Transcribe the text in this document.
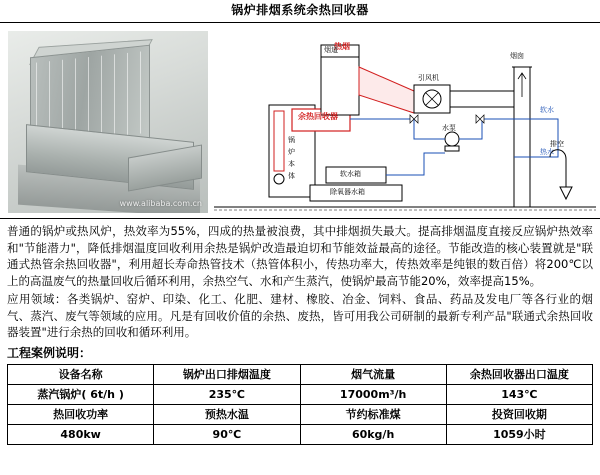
锅炉排烟系统余热回收器
www.alibaba.com.cn
热烟
余热回收器
烟道
锅
炉
本
体
引风机
烟囱
排空
水泵
软水箱
除氧器水箱
软水
热水

普通的锅炉或热风炉，热效率为55%，四成的热量被浪费，其中排烟损失最大。提高排烟温度直接反应锅炉热效率和"节能潜力"，降低排烟温度回收利用余热是锅炉改造最迫切和节能效益最高的途径。节能改造的核心装置就是"联通式热管余热回收器"，利用超长寿命热管技术（热管体积小，传热功率大，传热效率是纯银的数百倍）将200℃以上的高温废气的热量回收后循环利用，余热空气、水和产生蒸汽，使锅炉最高节能20%，效率提高15%。

应用领域：各类锅炉、窑炉、印染、化工、化肥、建材、橡胶、冶金、饲料、食品、药品及发电厂等各行业的烟气、蒸汽、废气等领域的应用。凡是有回收价值的余热、废热，皆可用我公司研制的最新专利产品"联通式余热回收器装置"进行余热的回收和循环利用。

工程案例说明：
设备名称	锅炉出口排烟温度	烟气流量	余热回收器出口温度
蒸汽锅炉( 6t/h )	235℃	17000m³/h	143℃
热回收功率	预热水温	节约标准煤	投资回收期
480kw	90℃	60kg/h	1059小时
